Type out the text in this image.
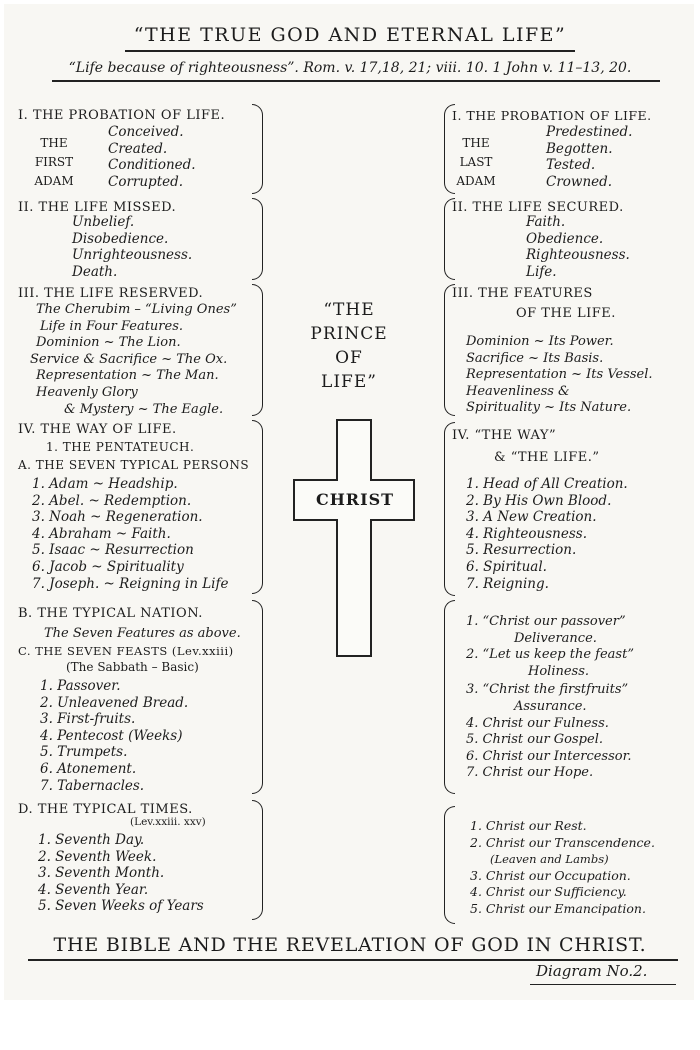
“THE TRUE GOD AND ETERNAL LIFE”
“Life because of righteousness”. Rom. v. 17,18, 21; viii. 10. 1 John v. 11–13, 20.
I. THE PROBATION OF LIFE.
THE
FIRST
ADAM
Conceived.
Created.
Conditioned.
Corrupted.
II. THE LIFE MISSED.
Unbelief.
Disobedience.
Unrighteousness.
Death.
III. THE LIFE RESERVED.
The Cherubim – “Living Ones”
Life in Four Features.
Dominion ~ The Lion.
Service & Sacrifice ~ The Ox.
Representation ~ The Man.
Heavenly Glory
& Mystery ~ The Eagle.
IV. THE WAY OF LIFE.
1. THE PENTATEUCH.
A. THE SEVEN TYPICAL PERSONS
1. Adam ~ Headship.
2. Abel. ~ Redemption.
3. Noah ~ Regeneration.
4. Abraham ~ Faith.
5. Isaac ~ Resurrection
6. Jacob ~ Spirituality
7. Joseph. ~ Reigning in Life
B. THE TYPICAL NATION.
The Seven Features as above.
C. THE SEVEN FEASTS (Lev.xxiii)
(The Sabbath – Basic)
1. Passover.
2. Unleavened Bread.
3. First-fruits.
4. Pentecost (Weeks)
5. Trumpets.
6. Atonement.
7. Tabernacles.
D. THE TYPICAL TIMES.
(Lev.xxiii. xxv)
1. Seventh Day.
2. Seventh Week.
3. Seventh Month.
4. Seventh Year.
5. Seven Weeks of Years
“THE
PRINCE
OF
LIFE”
CHRIST
I. THE PROBATION OF LIFE.
THE
LAST
ADAM
Predestined.
Begotten.
Tested.
Crowned.
II. THE LIFE SECURED.
Faith.
Obedience.
Righteousness.
Life.
III. THE FEATURES
OF THE LIFE.
Dominion ~ Its Power.
Sacrifice ~ Its Basis.
Representation ~ Its Vessel.
Heavenliness &
Spirituality ~ Its Nature.
IV. “THE WAY”
& “THE LIFE.”
1. Head of All Creation.
2. By His Own Blood.
3. A New Creation.
4. Righteousness.
5. Resurrection.
6. Spiritual.
7. Reigning.
1. “Christ our passover”
Deliverance.
2. “Let us keep the feast”
Holiness.
3. “Christ the firstfruits”
Assurance.
4. Christ our Fulness.
5. Christ our Gospel.
6. Christ our Intercessor.
7. Christ our Hope.
1. Christ our Rest.
2. Christ our Transcendence.
(Leaven and Lambs)
3. Christ our Occupation.
4. Christ our Sufficiency.
5. Christ our Emancipation.
THE BIBLE AND THE REVELATION OF GOD IN CHRIST.
Diagram No.2.
